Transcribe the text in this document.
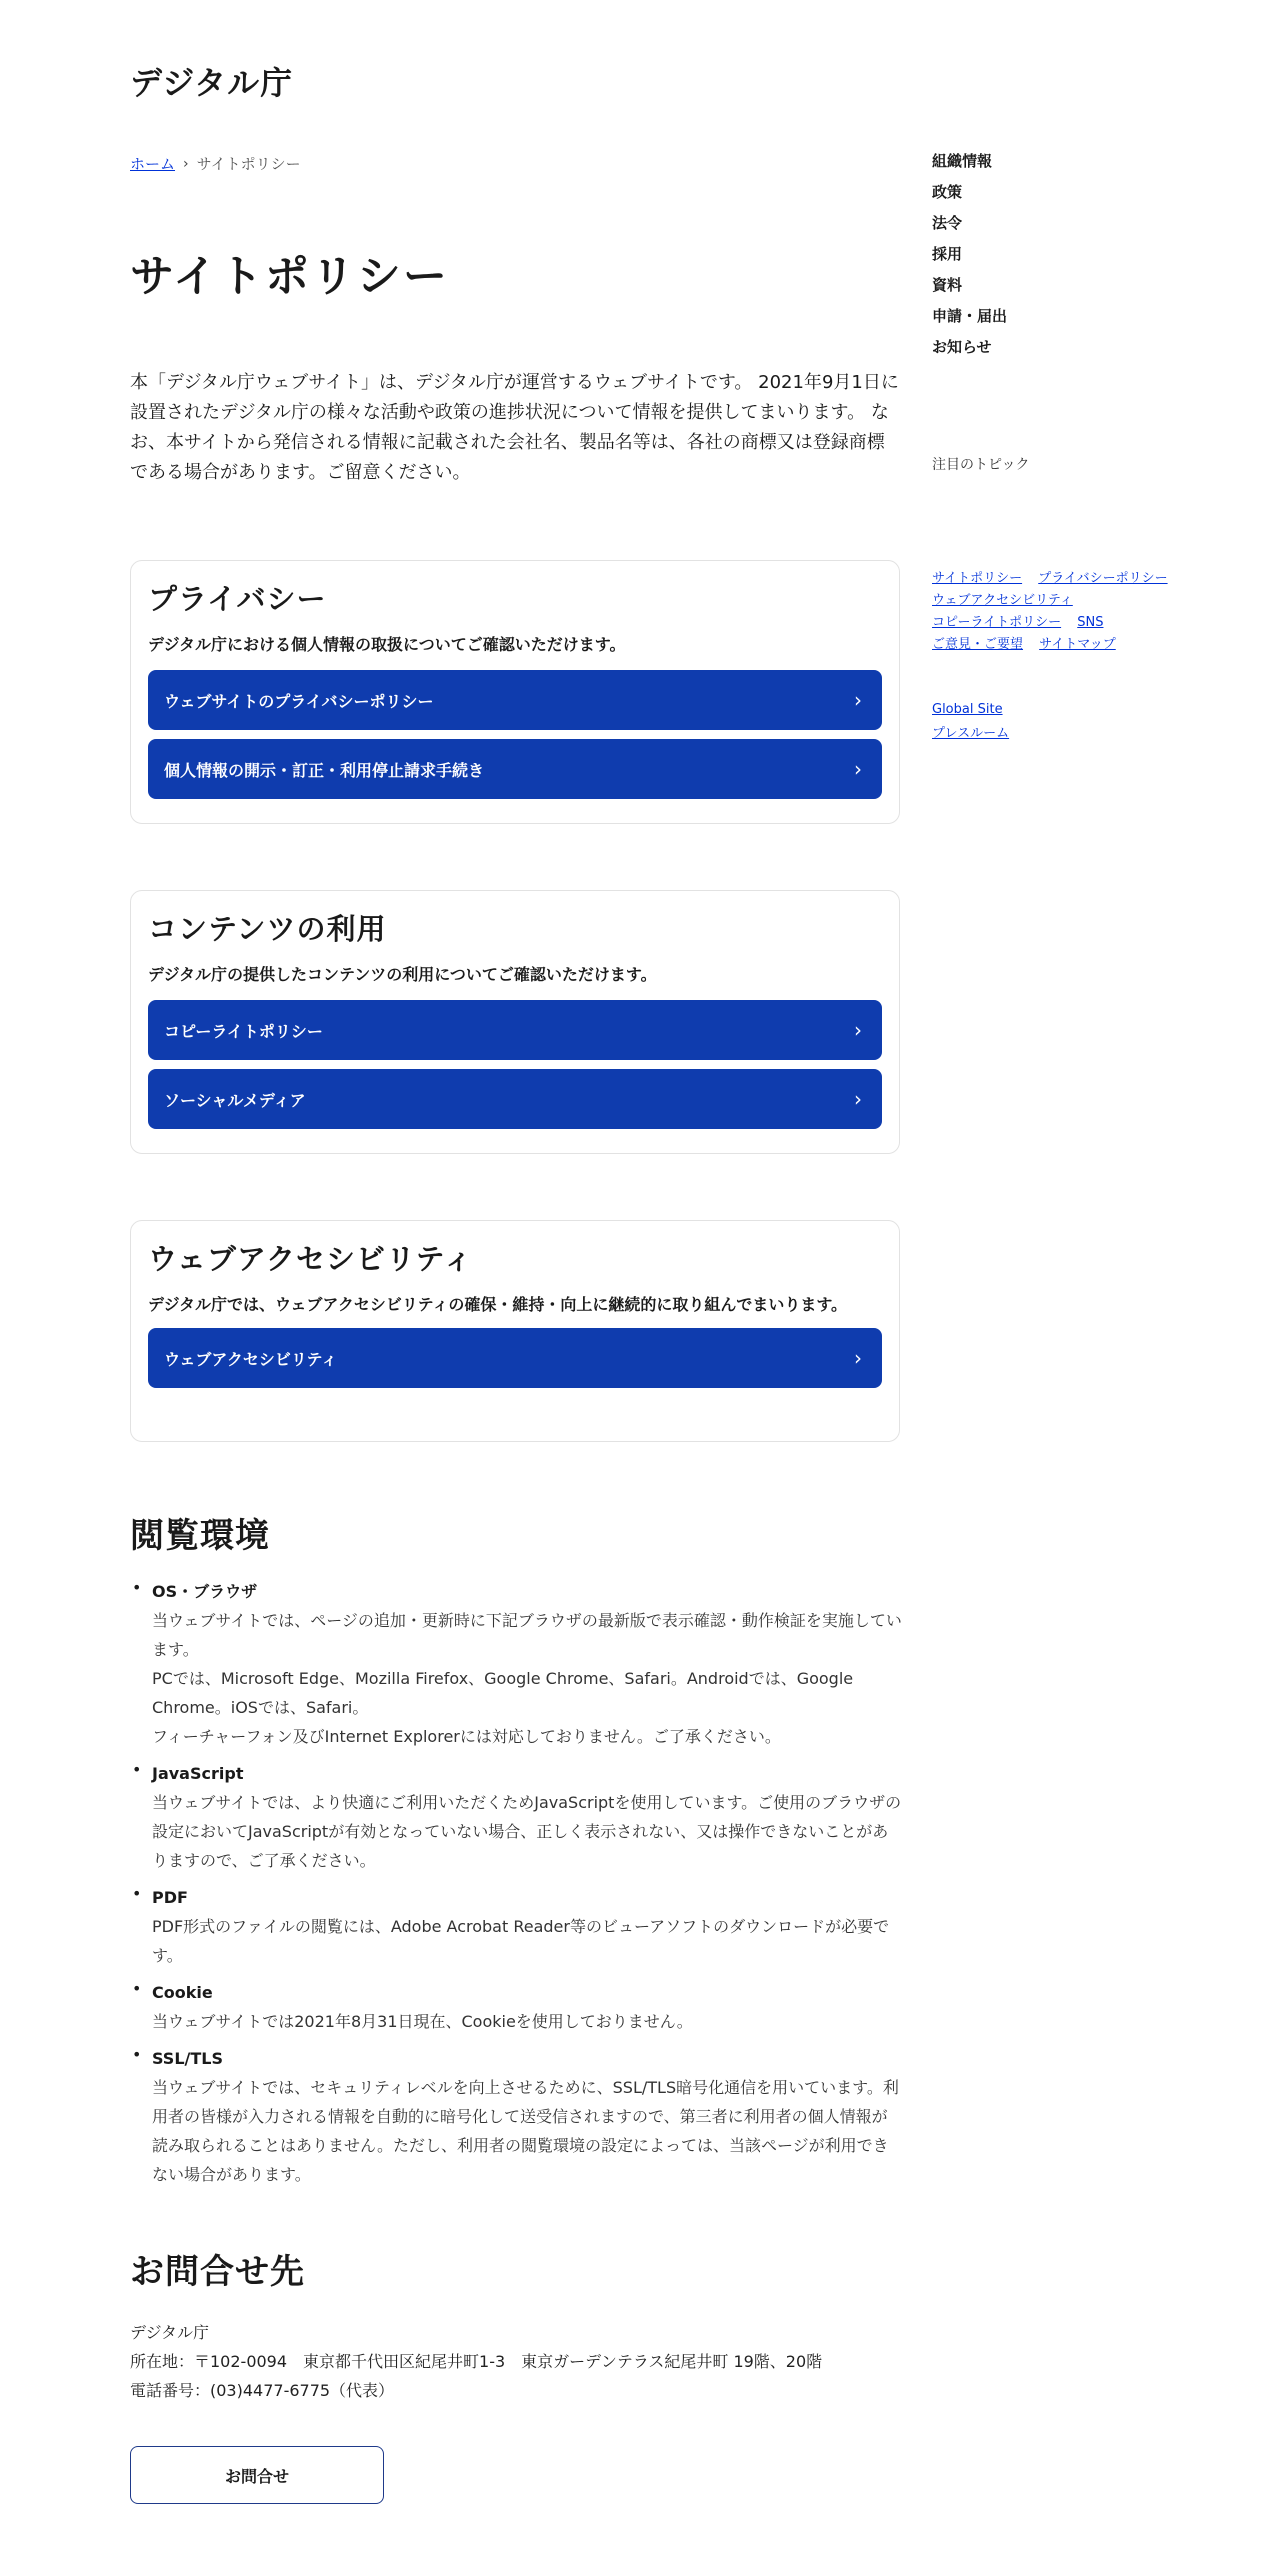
デジタル庁
ホーム › サイトポリシー
サイトポリシー

本「デジタル庁ウェブサイト」は、デジタル庁が運営するウェブサイトです。 2021年9月1日に設置されたデジタル庁の様々な活動や政策の進捗状況について情報を提供してまいります。 なお、本サイトから発信される情報に記載された会社名、製品名等は、各社の商標又は登録商標である場合があります。ご留意ください。

プライバシー

デジタル庁における個人情報の取扱についてご確認いただけます。

ウェブサイトのプライバシーポリシー	›
個人情報の開示・訂正・利用停止請求手続き	›
コンテンツの利用

デジタル庁の提供したコンテンツの利用についてご確認いただけます。

コピーライトポリシー	›
ソーシャルメディア	›
ウェブアクセシビリティ

デジタル庁では、ウェブアクセシビリティの確保・維持・向上に継続的に取り組んでまいります。

ウェブアクセシビリティ	›
閲覧環境
• OS・ブラウザ
当ウェブサイトでは、ページの追加・更新時に下記ブラウザの最新版で表示確認・動作検証を実施しています。
PCでは、Microsoft Edge、Mozilla Firefox、Google Chrome、Safari。Androidでは、Google Chrome。iOSでは、Safari。
フィーチャーフォン及びInternet Explorerには対応しておりません。ご了承ください。
• JavaScript
当ウェブサイトでは、より快適にご利用いただくためJavaScriptを使用しています。ご使用のブラウザの設定においてJavaScriptが有効となっていない場合、正しく表示されない、又は操作できないことがありますので、ご了承ください。
• PDF
PDF形式のファイルの閲覧には、Adobe Acrobat Reader等のビューアソフトのダウンロードが必要です。
• Cookie
当ウェブサイトでは2021年8月31日現在、Cookieを使用しておりません。
• SSL/TLS
当ウェブサイトでは、セキュリティレベルを向上させるために、SSL/TLS暗号化通信を用いています。利用者の皆様が入力される情報を自動的に暗号化して送受信されますので、第三者に利用者の個人情報が読み取られることはありません。ただし、利用者の閲覧環境の設定によっては、当該ページが利用できない場合があります。
お問合せ先
デジタル庁
所在地：〒102-0094　東京都千代田区紀尾井町1-3　東京ガーデンテラス紀尾井町 19階、20階
電話番号：(03)4477-6775（代表）
お問合せ
組織情報
政策
法令
採用
資料
申請・届出
お知らせ
注目のトピック
サイトポリシー プライバシーポリシー ウェブアクセシビリティ
コピーライトポリシー SNS
ご意見・ご要望 サイトマップ
Global Site
プレスルーム
